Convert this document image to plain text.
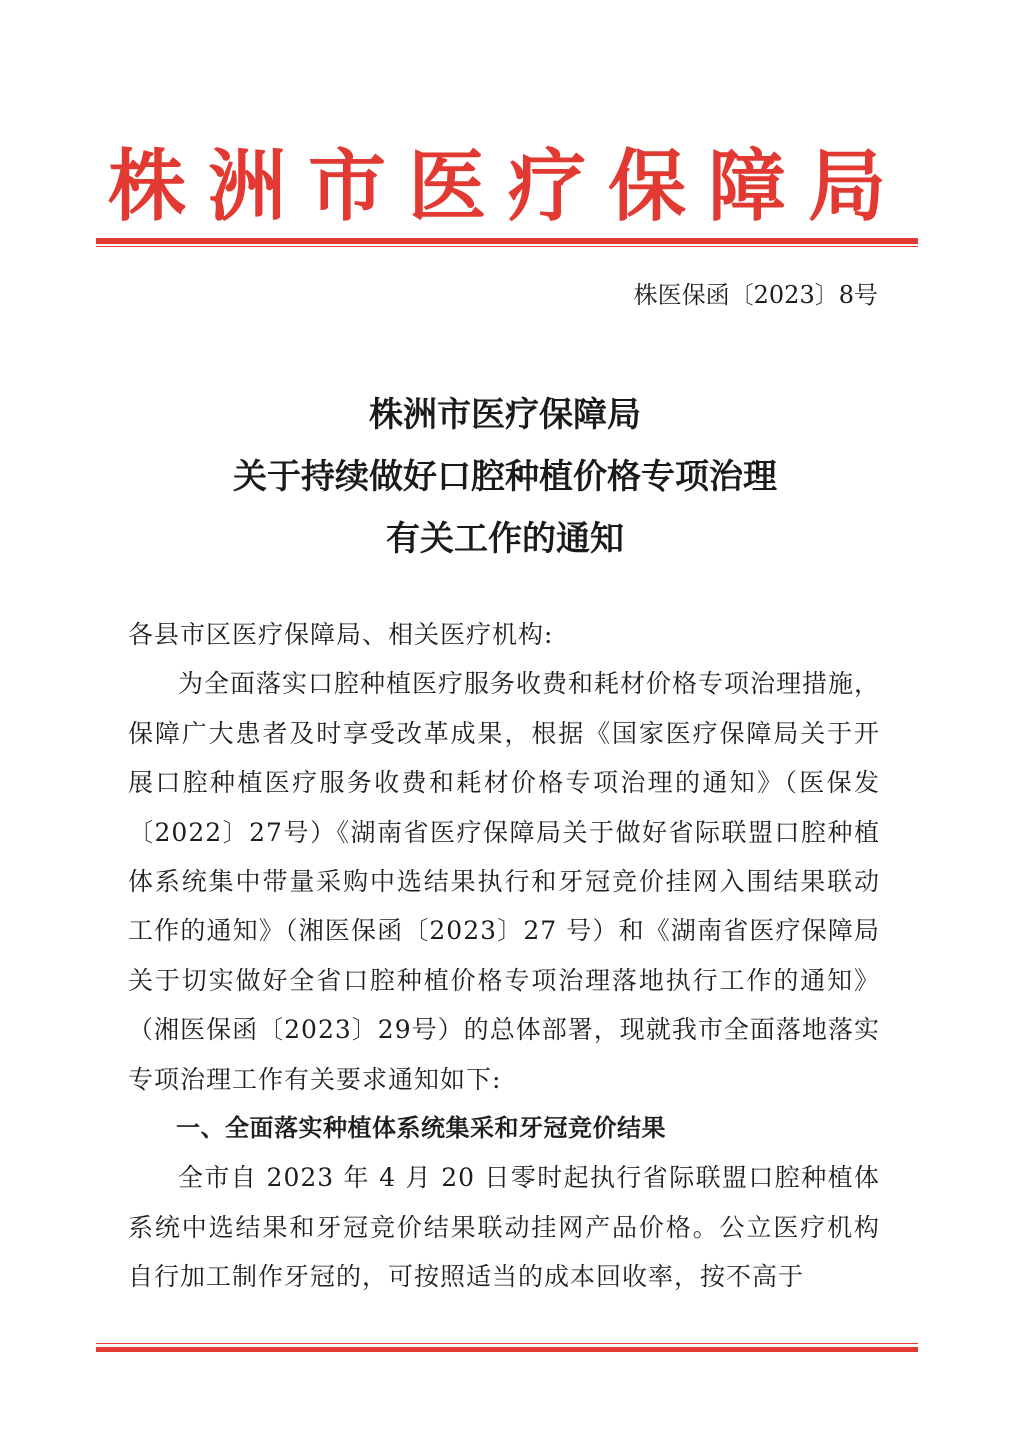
株洲市医疗保障局
株医保函〔2023〕8号
株洲市医疗保障局
关于持续做好口腔种植价格专项治理
有关工作的通知

各县市区医疗保障局、相关医疗机构:

为全面落实口腔种植医疗服务收费和耗材价格专项治理措施，保障广大患者及时享受改革成果，根据《国家医疗保障局关于开展口腔种植医疗服务收费和耗材价格专项治理的通知》（医保发〔2022〕27号）《湖南省医疗保障局关于做好省际联盟口腔种植体系统集中带量采购中选结果执行和牙冠竞价挂网入围结果联动工作的通知》（湘医保函〔2023〕27 号）和《湖南省医疗保障局关于切实做好全省口腔种植价格专项治理落地执行工作的通知》（湘医保函〔2023〕29号）的总体部署，现就我市全面落地落实专项治理工作有关要求通知如下:

一、全面落实种植体系统集采和牙冠竞价结果

全市自 2023 年 4 月 20 日零时起执行省际联盟口腔种植体系统中选结果和牙冠竞价结果联动挂网产品价格。公立医疗机构自行加工制作牙冠的，可按照适当的成本回收率，按不高于
